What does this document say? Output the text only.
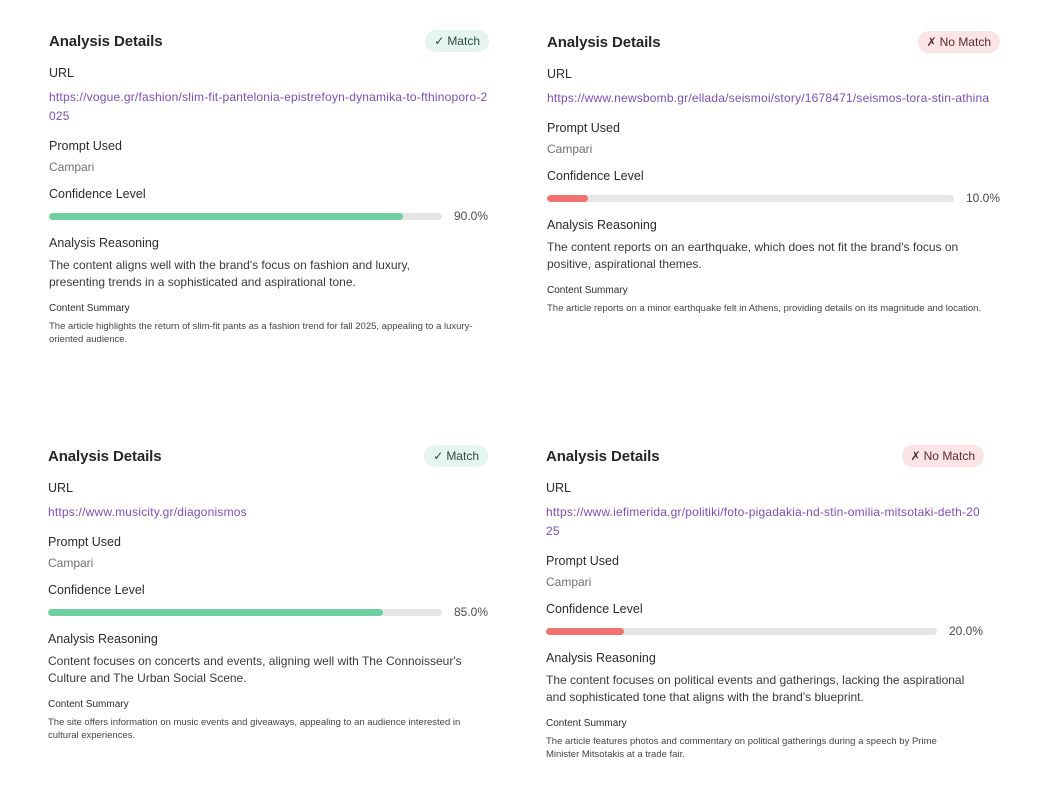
Analysis Details	✓ Match
URL
https://vogue.gr/fashion/slim-fit-pantelonia-epistrefoyn-dynamika-to-fthinoporo-2025
Prompt Used
Campari
Confidence Level
90.0%
Analysis Reasoning
The content aligns well with the brand's focus on fashion and luxury, presenting trends in a sophisticated and aspirational tone.
Content Summary
The article highlights the return of slim-fit pants as a fashion trend for fall 2025, appealing to a luxury-oriented audience.
Analysis Details	✗ No Match
URL
https://www.newsbomb.gr/ellada/seismoi/story/1678471/seismos-tora-stin-athina
Prompt Used
Campari
Confidence Level
10.0%
Analysis Reasoning
The content reports on an earthquake, which does not fit the brand's focus on positive, aspirational themes.
Content Summary
The article reports on a minor earthquake felt in Athens, providing details on its magnitude and location.
Analysis Details	✓ Match
URL
https://www.musicity.gr/diagonismos
Prompt Used
Campari
Confidence Level
85.0%
Analysis Reasoning
Content focuses on concerts and events, aligning well with The Connoisseur's Culture and The Urban Social Scene.
Content Summary
The site offers information on music events and giveaways, appealing to an audience interested in cultural experiences.
Analysis Details	✗ No Match
URL
https://www.iefimerida.gr/politiki/foto-pigadakia-nd-stin-omilia-mitsotaki-deth-2025
Prompt Used
Campari
Confidence Level
20.0%
Analysis Reasoning
The content focuses on political events and gatherings, lacking the aspirational and sophisticated tone that aligns with the brand's blueprint.
Content Summary
The article features photos and commentary on political gatherings during a speech by Prime Minister Mitsotakis at a trade fair.
